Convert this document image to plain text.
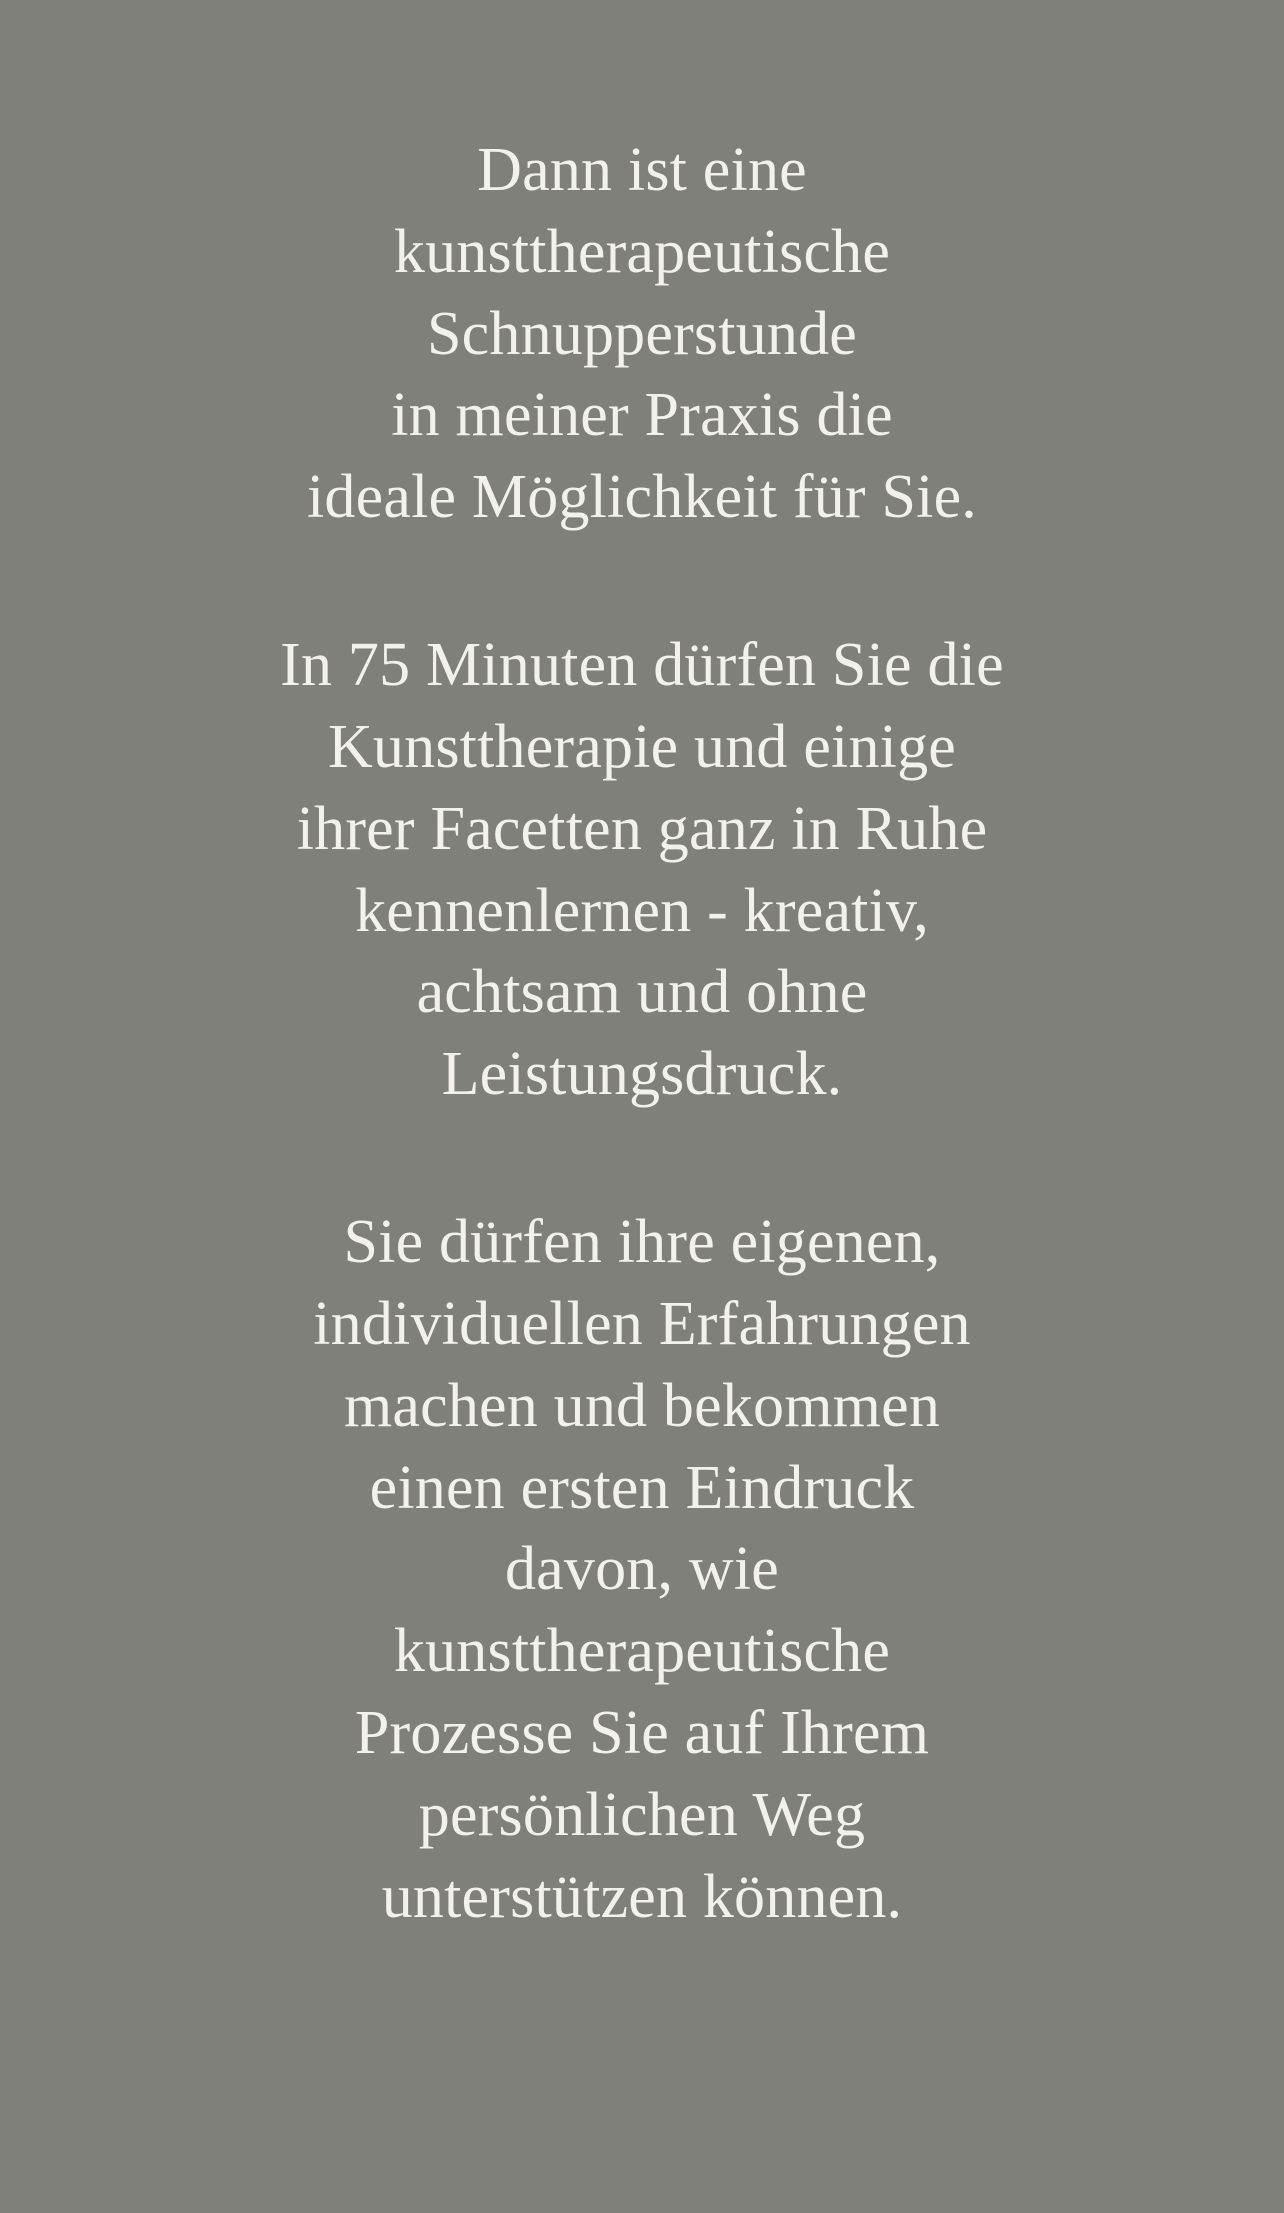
Dann ist eine
kunsttherapeutische
Schnupperstunde
in meiner Praxis die
ideale Möglichkeit für Sie.

In 75 Minuten dürfen Sie die
Kunsttherapie und einige
ihrer Facetten ganz in Ruhe
kennenlernen - kreativ,
achtsam und ohne
Leistungsdruck.

Sie dürfen ihre eigenen,
individuellen Erfahrungen
machen und bekommen
einen ersten Eindruck
davon, wie
kunsttherapeutische
Prozesse Sie auf Ihrem
persönlichen Weg
unterstützen können.
